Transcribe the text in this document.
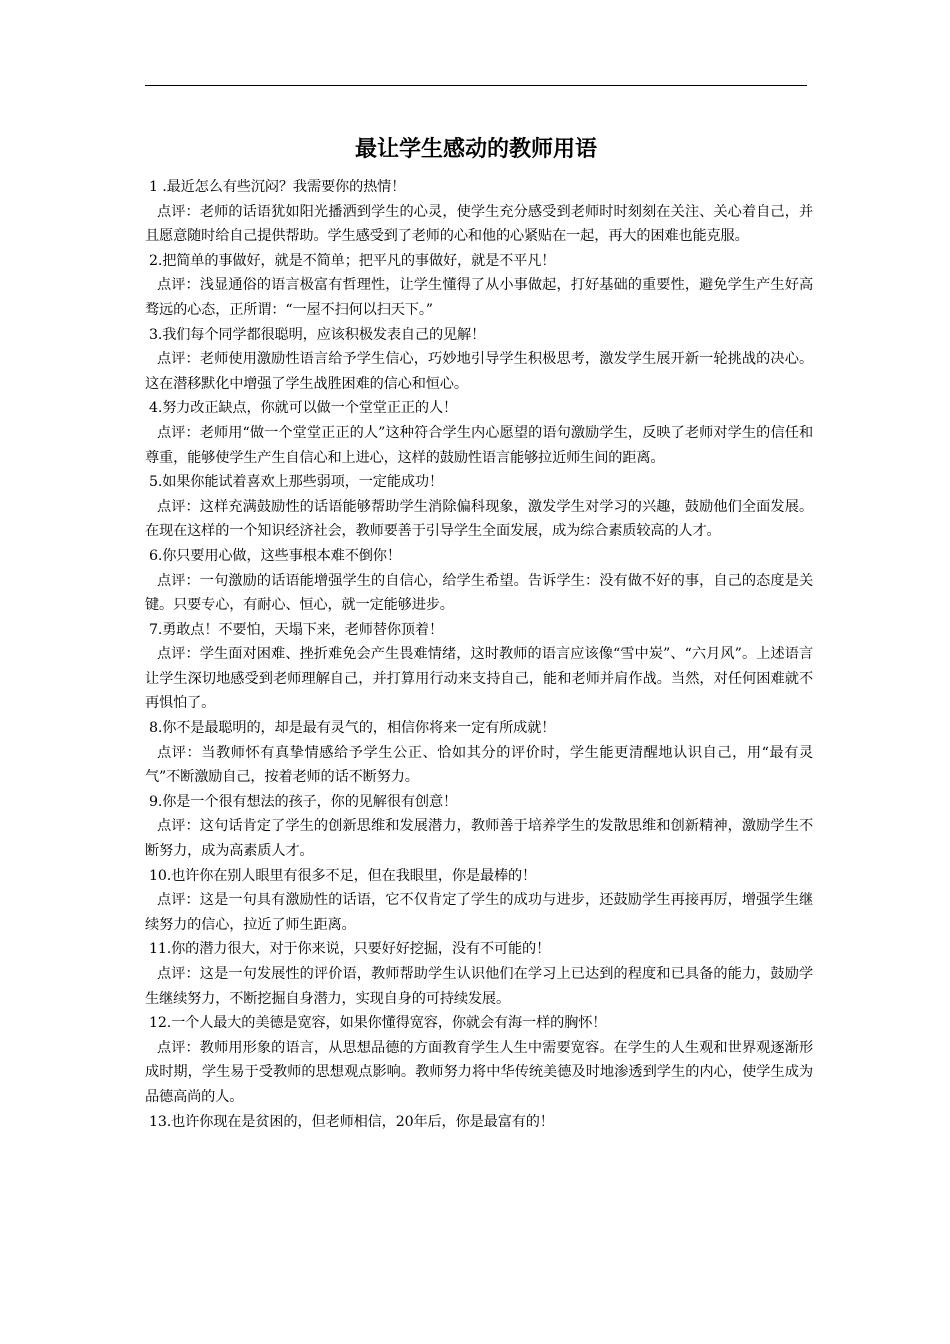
最让学生感动的教师用语

1 .最近怎么有些沉闷？我需要你的热情！

点评：老师的话语犹如阳光播洒到学生的心灵，使学生充分感受到老师时时刻刻在关注、关心着自己，并且愿意随时给自己提供帮助。学生感受到了老师的心和他的心紧贴在一起，再大的困难也能克服。

2.把简单的事做好，就是不简单；把平凡的事做好，就是不平凡！

点评：浅显通俗的语言极富有哲理性，让学生懂得了从小事做起，打好基础的重要性，避免学生产生好高骛远的心态，正所谓：“一屋不扫何以扫天下。”

3.我们每个同学都很聪明，应该积极发表自己的见解！

点评：老师使用激励性语言给予学生信心，巧妙地引导学生积极思考，激发学生展开新一轮挑战的决心。这在潜移默化中增强了学生战胜困难的信心和恒心。

4.努力改正缺点，你就可以做一个堂堂正正的人！

点评：老师用“做一个堂堂正正的人”这种符合学生内心愿望的语句激励学生，反映了老师对学生的信任和尊重，能够使学生产生自信心和上进心，这样的鼓励性语言能够拉近师生间的距离。

5.如果你能试着喜欢上那些弱项，一定能成功！

点评：这样充满鼓励性的话语能够帮助学生消除偏科现象，激发学生对学习的兴趣，鼓励他们全面发展。在现在这样的一个知识经济社会，教师要善于引导学生全面发展，成为综合素质较高的人才。

6.你只要用心做，这些事根本难不倒你！

点评：一句激励的话语能增强学生的自信心，给学生希望。告诉学生：没有做不好的事，自己的态度是关键。只要专心，有耐心、恒心，就一定能够进步。

7.勇敢点！不要怕，天塌下来，老师替你顶着！

点评：学生面对困难、挫折难免会产生畏难情绪，这时教师的语言应该像“雪中炭”、“六月风”。上述语言让学生深切地感受到老师理解自己，并打算用行动来支持自己，能和老师并肩作战。当然，对任何困难就不再惧怕了。

8.你不是最聪明的，却是最有灵气的，相信你将来一定有所成就！

点评：当教师怀有真挚情感给予学生公正、恰如其分的评价时，学生能更清醒地认识自己，用“最有灵气”不断激励自己，按着老师的话不断努力。

9.你是一个很有想法的孩子，你的见解很有创意！

点评：这句话肯定了学生的创新思维和发展潜力，教师善于培养学生的发散思维和创新精神，激励学生不断努力，成为高素质人才。

10.也许你在别人眼里有很多不足，但在我眼里，你是最棒的！

点评：这是一句具有激励性的话语，它不仅肯定了学生的成功与进步，还鼓励学生再接再厉，增强学生继续努力的信心，拉近了师生距离。

11.你的潜力很大，对于你来说，只要好好挖掘，没有不可能的！

点评：这是一句发展性的评价语，教师帮助学生认识他们在学习上已达到的程度和已具备的能力，鼓励学生继续努力，不断挖掘自身潜力，实现自身的可持续发展。

12.一个人最大的美德是宽容，如果你懂得宽容，你就会有海一样的胸怀！

点评：教师用形象的语言，从思想品德的方面教育学生人生中需要宽容。在学生的人生观和世界观逐渐形成时期，学生易于受教师的思想观点影响。教师努力将中华传统美德及时地渗透到学生的内心，使学生成为品德高尚的人。

13.也许你现在是贫困的，但老师相信，20年后，你是最富有的！
